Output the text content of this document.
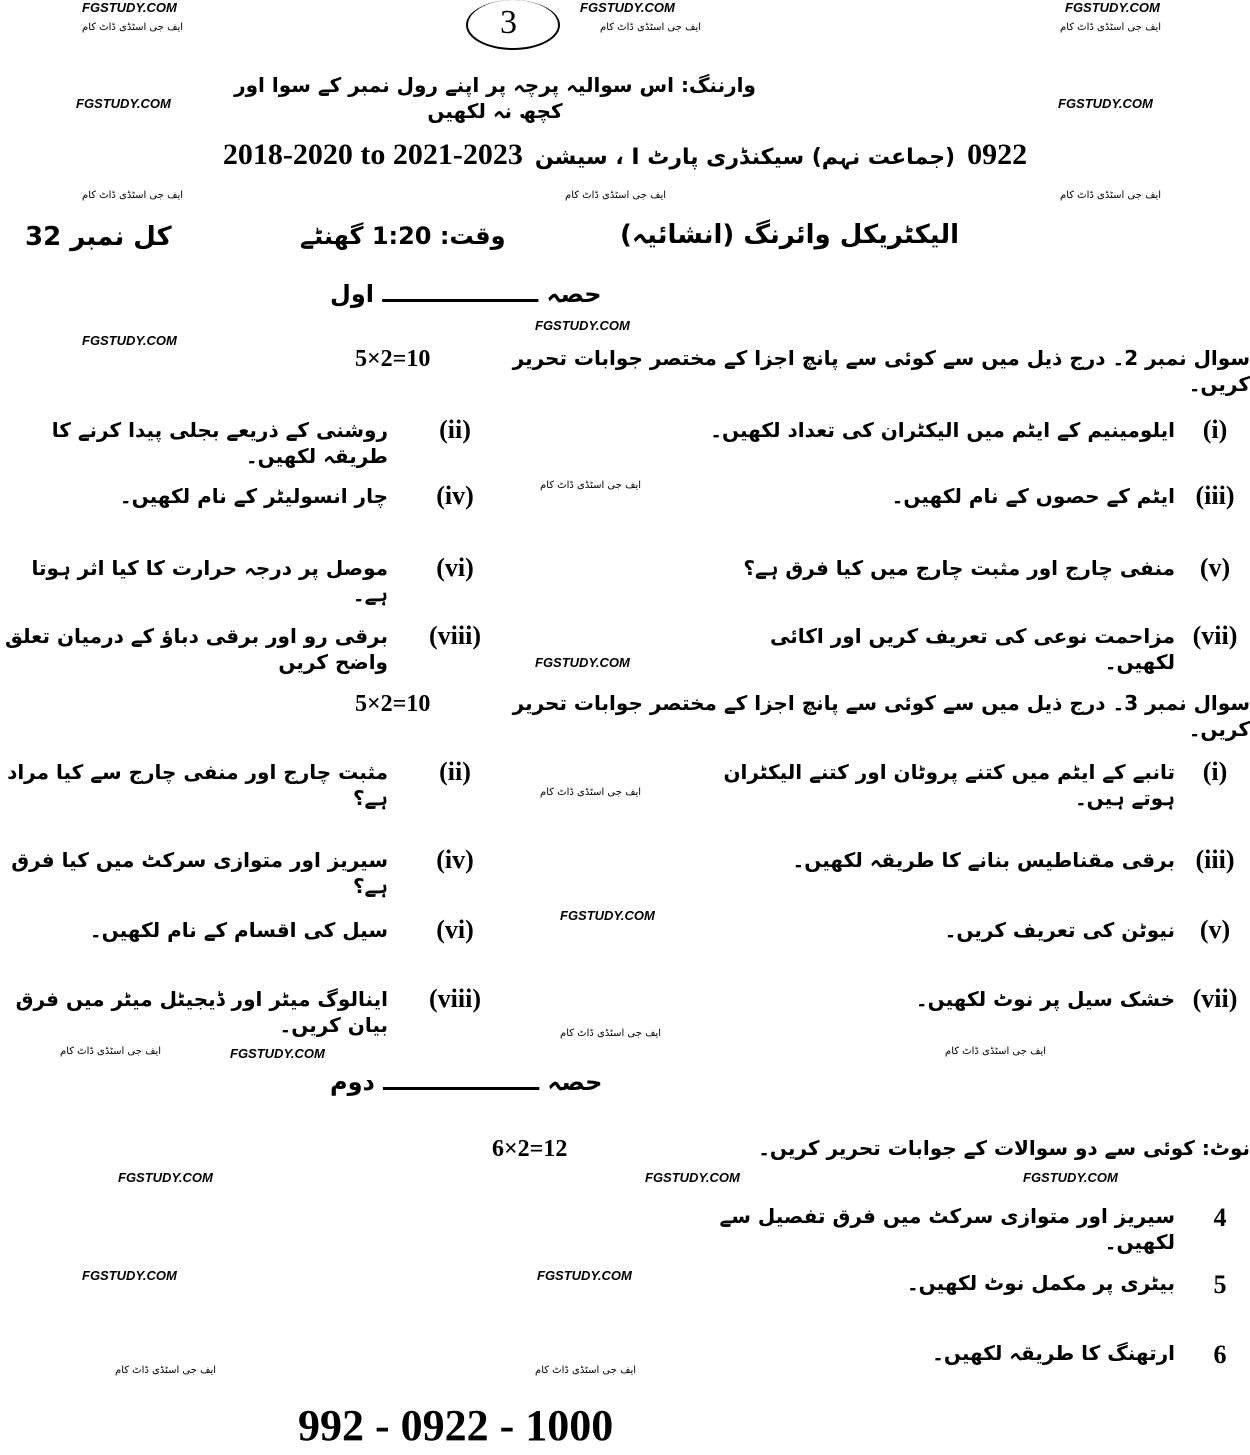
3
FGSTUDY.COM	FGSTUDY.COM	FGSTUDY.COM
FGSTUDY.COM	FGSTUDY.COM
FGSTUDY.COM
FGSTUDY.COM
FGSTUDY.COM
FGSTUDY.COM
FGSTUDY.COM	FGSTUDY.COM	FGSTUDY.COM
FGSTUDY.COM	FGSTUDY.COM
FGSTUDY.COM
ایف جی اسٹڈی ڈاٹ کام	ایف جی اسٹڈی ڈاٹ کام	ایف جی اسٹڈی ڈاٹ کام
ایف جی اسٹڈی ڈاٹ کام	ایف جی اسٹڈی ڈاٹ کام	ایف جی اسٹڈی ڈاٹ کام
ایف جی اسٹڈی ڈاٹ کام
ایف جی اسٹڈی ڈاٹ کام
ایف جی اسٹڈی ڈاٹ کام
ایف جی اسٹڈی ڈاٹ کام
ایف جی اسٹڈی ڈاٹ کام
ایف جی اسٹڈی ڈاٹ کام	ایف جی اسٹڈی ڈاٹ کام
وارننگ: اس سوالیہ پرچہ پر اپنے رول نمبر کے سوا اور کچھ نہ لکھیں
2018-2020 to 2021-2023 (جماعت نہم) سیکنڈری پارٹ I ، سیشن 0922
کل نمبر 32	وقت: 1:20 گھنٹے	الیکٹریکل وائرنگ (انشائیہ)
حصہ ـــــــــــــــــــ اول
سوال نمبر 2۔ درج ذیل میں سے کوئی سے پانچ اجزا کے مختصر جوابات تحریر کریں۔
5×2=10
(i)
ایلومینیم کے ایٹم میں الیکٹران کی تعداد لکھیں۔
(ii)
روشنی کے ذریعے بجلی پیدا کرنے کا طریقہ لکھیں۔
(iii)
ایٹم کے حصوں کے نام لکھیں۔
(iv)
چار انسولیٹر کے نام لکھیں۔
(v)
منفی چارج اور مثبت چارج میں کیا فرق ہے؟
(vi)
موصل پر درجہ حرارت کا کیا اثر ہوتا ہے۔
(vii)
مزاحمت نوعی کی تعریف کریں اور اکائی لکھیں۔
(viii)
برقی رو اور برقی دباؤ کے درمیان تعلق واضح کریں
سوال نمبر 3۔ درج ذیل میں سے کوئی سے پانچ اجزا کے مختصر جوابات تحریر کریں۔
5×2=10
(i)
تانبے کے ایٹم میں کتنے پروٹان اور کتنے الیکٹران ہوتے ہیں۔
(ii)
مثبت چارج اور منفی چارج سے کیا مراد ہے؟
(iii)
برقی مقناطیس بنانے کا طریقہ لکھیں۔
(iv)
سیریز اور متوازی سرکٹ میں کیا فرق ہے؟
(v)
نیوٹن کی تعریف کریں۔
(vi)
سیل کی اقسام کے نام لکھیں۔
(vii)
خشک سیل پر نوٹ لکھیں۔
(viii)
اینالوگ میٹر اور ڈیجیٹل میٹر میں فرق بیان کریں۔
حصہ ـــــــــــــــــــ دوم
نوٹ: کوئی سے دو سوالات کے جوابات تحریر کریں۔
6×2=12
4
سیریز اور متوازی سرکٹ میں فرق تفصیل سے لکھیں۔
5
بیٹری پر مکمل نوٹ لکھیں۔
6
ارتھنگ کا طریقہ لکھیں۔
992 - 0922 - 1000
